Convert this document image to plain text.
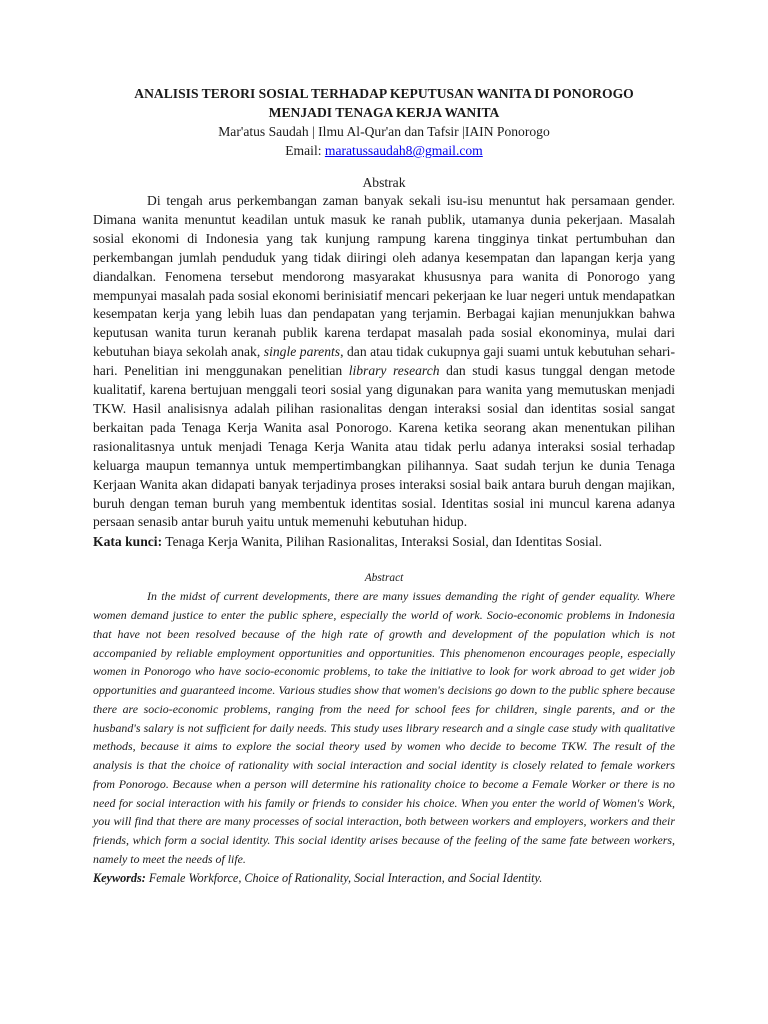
ANALISIS TERORI SOSIAL TERHADAP KEPUTUSAN WANITA DI PONOROGO
MENJADI TENAGA KERJA WANITA

Mar'atus Saudah | Ilmu Al-Qur'an dan Tafsir |IAIN Ponorogo

Email: maratussaudah8@gmail.com

Abstrak

Di tengah arus perkembangan zaman banyak sekali isu-isu menuntut hak persamaan gender. Dimana wanita menuntut keadilan untuk masuk ke ranah publik, utamanya dunia pekerjaan. Masalah sosial ekonomi di Indonesia yang tak kunjung rampung karena tingginya tinkat pertumbuhan dan perkembangan jumlah penduduk yang tidak diiringi oleh adanya kesempatan dan lapangan kerja yang diandalkan. Fenomena tersebut mendorong masyarakat khususnya para wanita di Ponorogo yang mempunyai masalah pada sosial ekonomi berinisiatif mencari pekerjaan ke luar negeri untuk mendapatkan kesempatan kerja yang lebih luas dan pendapatan yang terjamin. Berbagai kajian menunjukkan bahwa keputusan wanita turun keranah publik karena terdapat masalah pada sosial ekonominya, mulai dari kebutuhan biaya sekolah anak, single parents, dan atau tidak cukupnya gaji suami untuk kebutuhan sehari-hari. Penelitian ini menggunakan penelitian library research dan studi kasus tunggal dengan metode kualitatif, karena bertujuan menggali teori sosial yang digunakan para wanita yang memutuskan menjadi TKW. Hasil analisisnya adalah pilihan rasionalitas dengan interaksi sosial dan identitas sosial sangat berkaitan pada Tenaga Kerja Wanita asal Ponorogo. Karena ketika seorang akan menentukan pilihan rasionalitasnya untuk menjadi Tenaga Kerja Wanita atau tidak perlu adanya interaksi sosial terhadap keluarga maupun temannya untuk mempertimbangkan pilihannya. Saat sudah terjun ke dunia Tenaga Kerjaan Wanita akan didapati banyak terjadinya proses interaksi sosial baik antara buruh dengan majikan, buruh dengan teman buruh yang membentuk identitas sosial. Identitas sosial ini muncul karena adanya persaan senasib antar buruh yaitu untuk memenuhi kebutuhan hidup.

Kata kunci: Tenaga Kerja Wanita, Pilihan Rasionalitas, Interaksi Sosial, dan Identitas Sosial.

Abstract

In the midst of current developments, there are many issues demanding the right of gender equality. Where women demand justice to enter the public sphere, especially the world of work. Socio-economic problems in Indonesia that have not been resolved because of the high rate of growth and development of the population which is not accompanied by reliable employment opportunities and opportunities. This phenomenon encourages people, especially women in Ponorogo who have socio-economic problems, to take the initiative to look for work abroad to get wider job opportunities and guaranteed income. Various studies show that women's decisions go down to the public sphere because there are socio-economic problems, ranging from the need for school fees for children, single parents, and or the husband's salary is not sufficient for daily needs. This study uses library research and a single case study with qualitative methods, because it aims to explore the social theory used by women who decide to become TKW. The result of the analysis is that the choice of rationality with social interaction and social identity is closely related to female workers from Ponorogo. Because when a person will determine his rationality choice to become a Female Worker or there is no need for social interaction with his family or friends to consider his choice. When you enter the world of Women's Work, you will find that there are many processes of social interaction, both between workers and employers, workers and their friends, which form a social identity. This social identity arises because of the feeling of the same fate between workers, namely to meet the needs of life.

Keywords: Female Workforce, Choice of Rationality, Social Interaction, and Social Identity.
